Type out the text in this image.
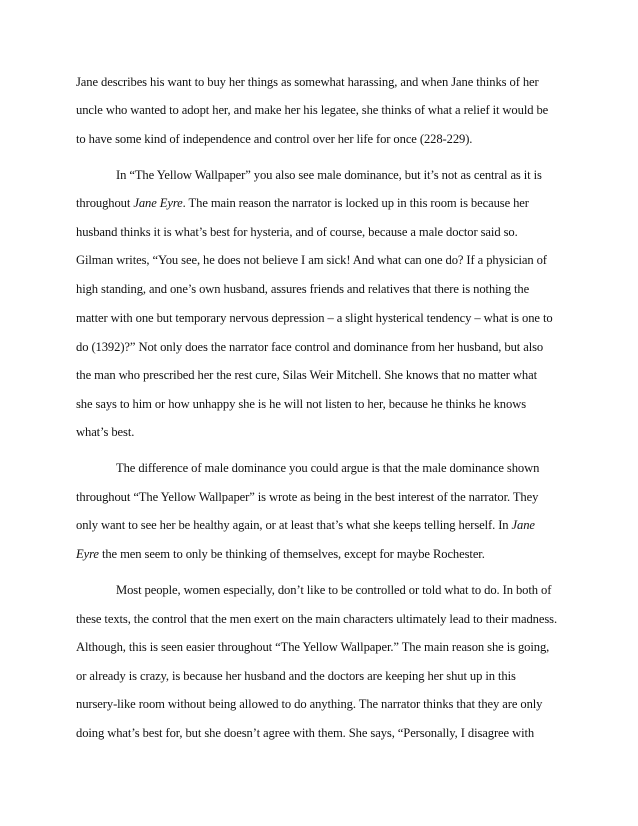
Jane describes his want to buy her things as somewhat harassing, and when Jane thinks of her

uncle who wanted to adopt her, and make her his legatee, she thinks of what a relief it would be

to have some kind of independence and control over her life for once (228-229).

In “The Yellow Wallpaper” you also see male dominance, but it’s not as central as it is

throughout Jane Eyre. The main reason the narrator is locked up in this room is because her

husband thinks it is what’s best for hysteria, and of course, because a male doctor said so.

Gilman writes, “You see, he does not believe I am sick! And what can one do? If a physician of

high standing, and one’s own husband, assures friends and relatives that there is nothing the

matter with one but temporary nervous depression – a slight hysterical tendency – what is one to

do (1392)?” Not only does the narrator face control and dominance from her husband, but also

the man who prescribed her the rest cure, Silas Weir Mitchell. She knows that no matter what

she says to him or how unhappy she is he will not listen to her, because he thinks he knows

what’s best.

The difference of male dominance you could argue is that the male dominance shown

throughout “The Yellow Wallpaper” is wrote as being in the best interest of the narrator. They

only want to see her be healthy again, or at least that’s what she keeps telling herself. In Jane

Eyre the men seem to only be thinking of themselves, except for maybe Rochester.

Most people, women especially, don’t like to be controlled or told what to do. In both of

these texts, the control that the men exert on the main characters ultimately lead to their madness.

Although, this is seen easier throughout “The Yellow Wallpaper.” The main reason she is going,

or already is crazy, is because her husband and the doctors are keeping her shut up in this

nursery-like room without being allowed to do anything. The narrator thinks that they are only

doing what’s best for, but she doesn’t agree with them. She says, “Personally, I disagree with
